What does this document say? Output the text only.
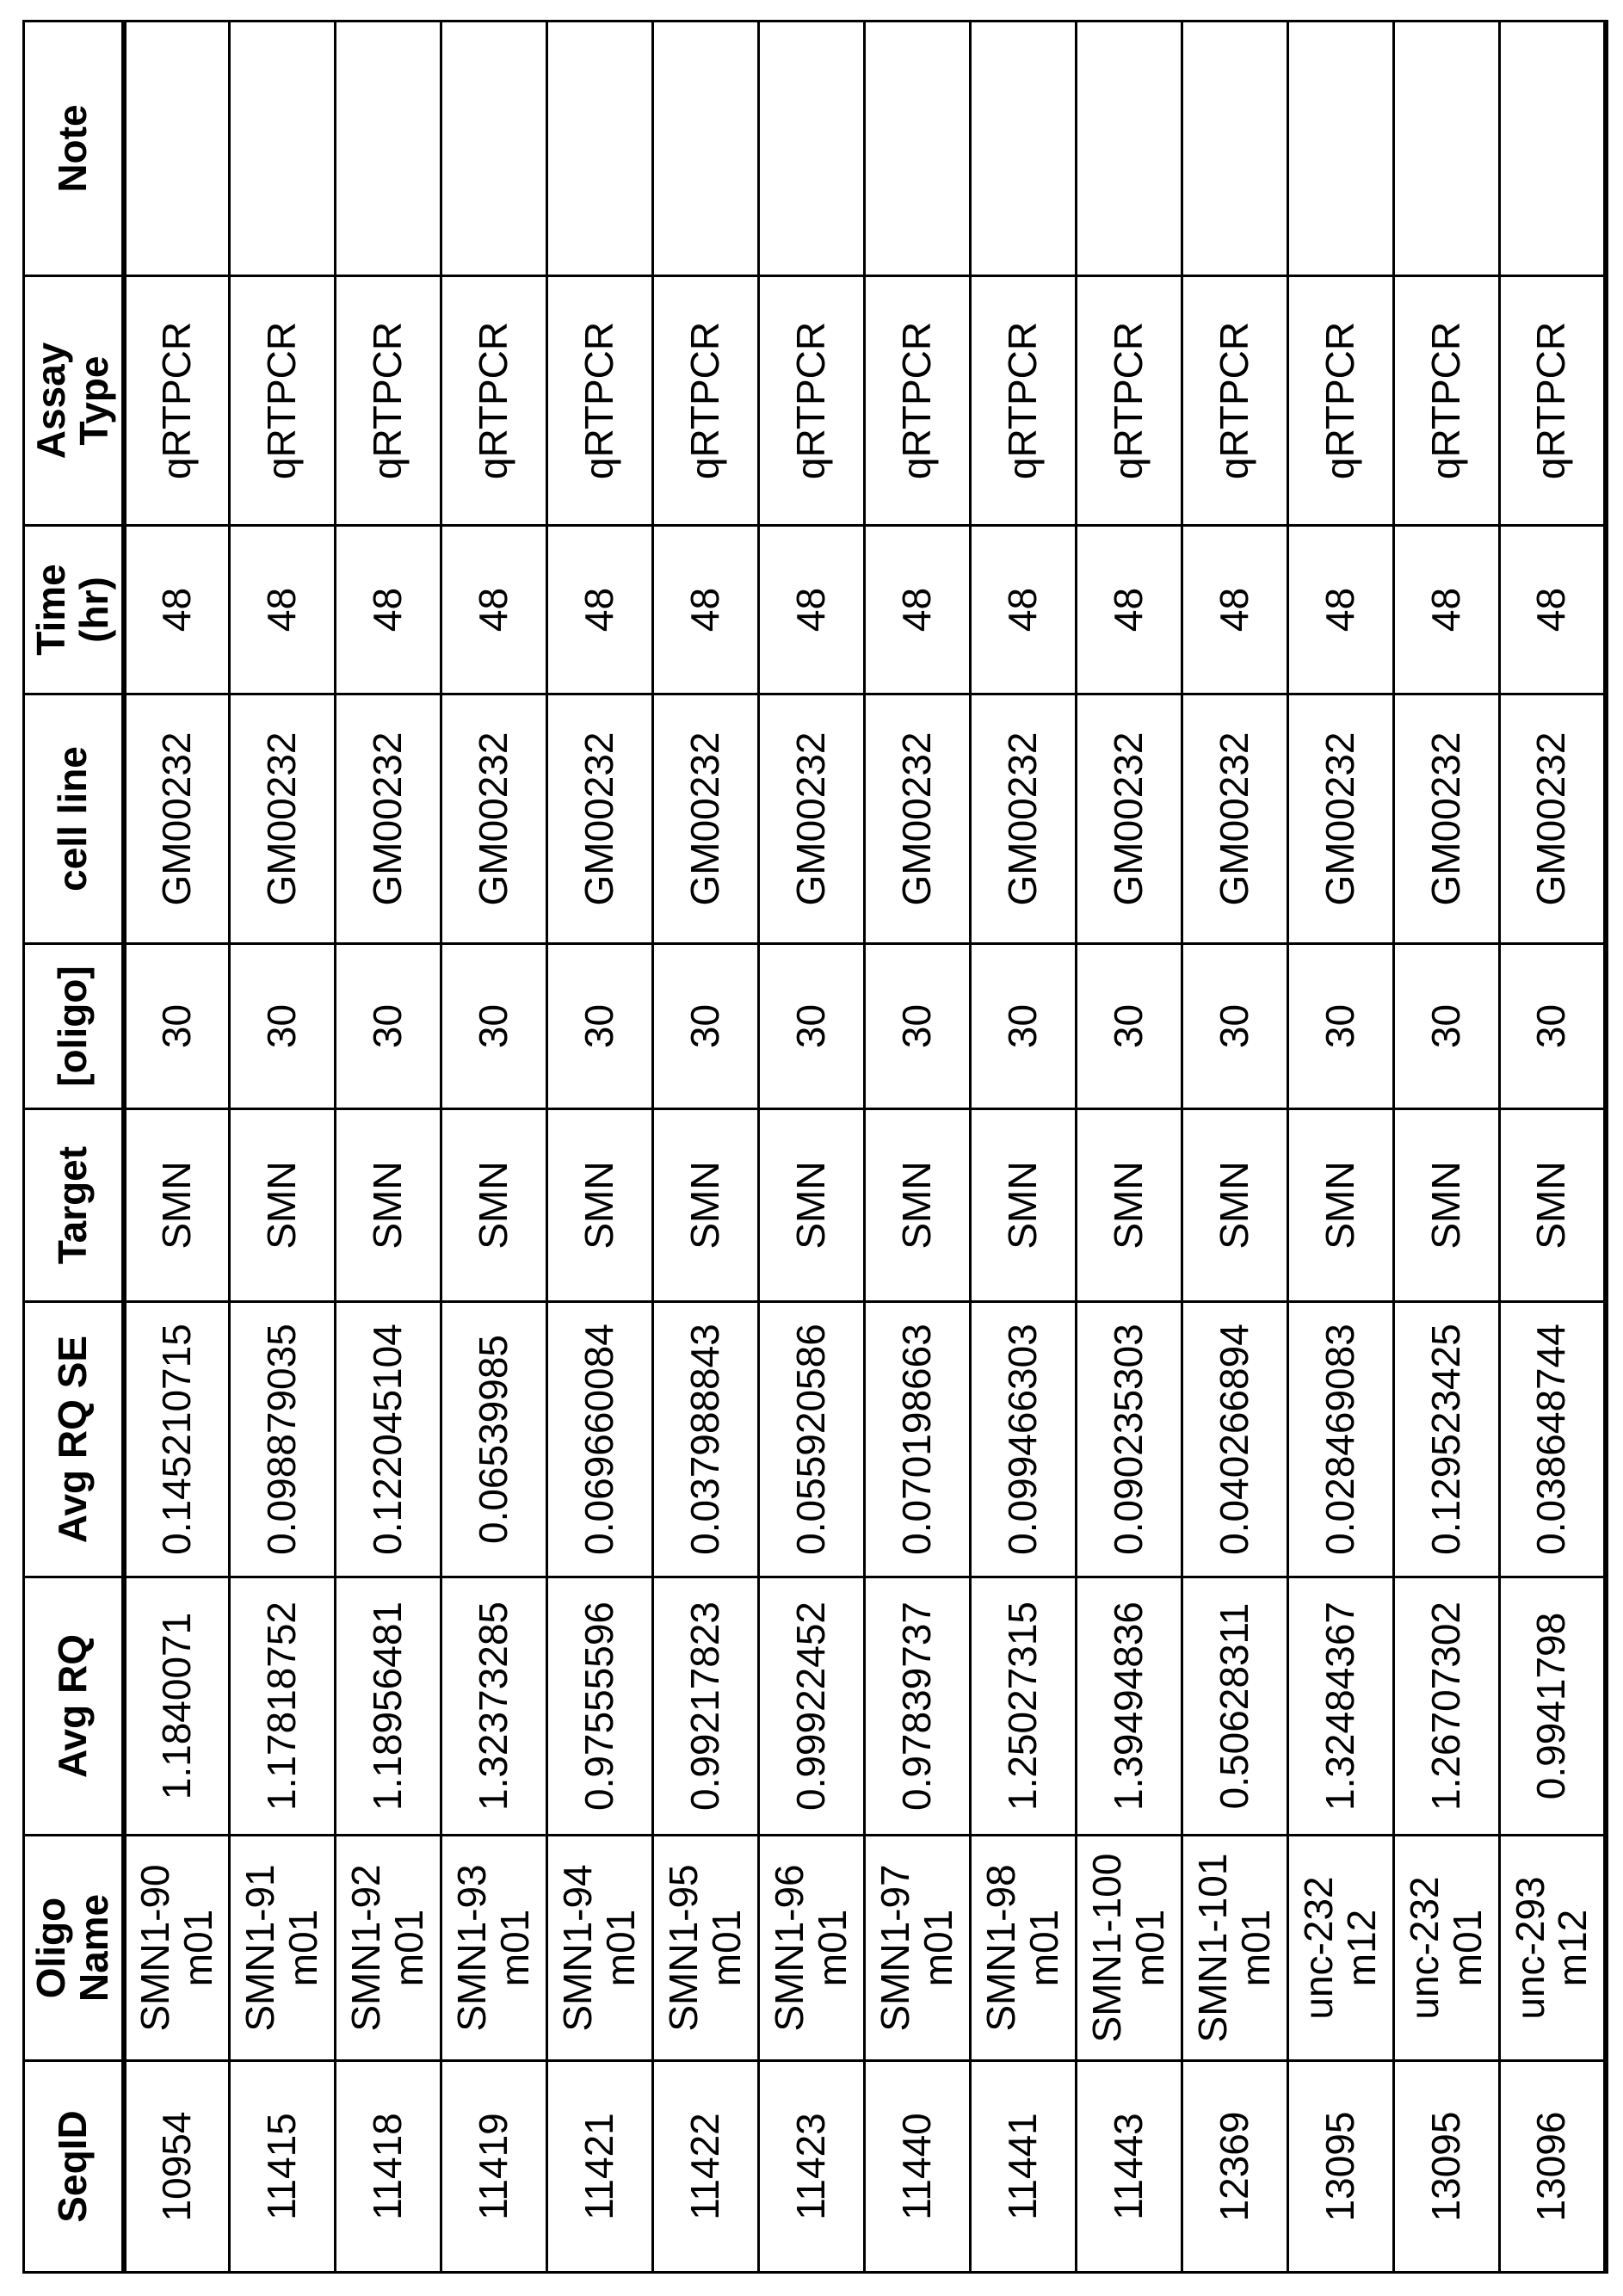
SeqID	Oligo
Name	Avg RQ	Avg RQ SE	Target	[oligo]	cell line	Time
(hr)	Assay
Type	Note
10954	SMN1-90
m01	1.1840071	0.145210715	SMN	30	GM00232	48	qRTPCR	
11415	SMN1-91
m01	1.17818752	0.098879035	SMN	30	GM00232	48	qRTPCR	
11418	SMN1-92
m01	1.18956481	0.122045104	SMN	30	GM00232	48	qRTPCR	
11419	SMN1-93
m01	1.32373285	0.06539985	SMN	30	GM00232	48	qRTPCR	
11421	SMN1-94
m01	0.97555596	0.069660084	SMN	30	GM00232	48	qRTPCR	
11422	SMN1-95
m01	0.99217823	0.037988843	SMN	30	GM00232	48	qRTPCR	
11423	SMN1-96
m01	0.99922452	0.055920586	SMN	30	GM00232	48	qRTPCR	
11440	SMN1-97
m01	0.97839737	0.070198663	SMN	30	GM00232	48	qRTPCR	
11441	SMN1-98
m01	1.25027315	0.099466303	SMN	30	GM00232	48	qRTPCR	
11443	SMN1-100
m01	1.39494836	0.090235303	SMN	30	GM00232	48	qRTPCR	
12369	SMN1-101
m01	0.50628311	0.040266894	SMN	30	GM00232	48	qRTPCR	
13095	unc-232
m12	1.32484367	0.028469083	SMN	30	GM00232	48	qRTPCR	
13095	unc-232
m01	1.26707302	0.129523425	SMN	30	GM00232	48	qRTPCR	
13096	unc-293
m12	0.9941798	0.038648744	SMN	30	GM00232	48	qRTPCR	
